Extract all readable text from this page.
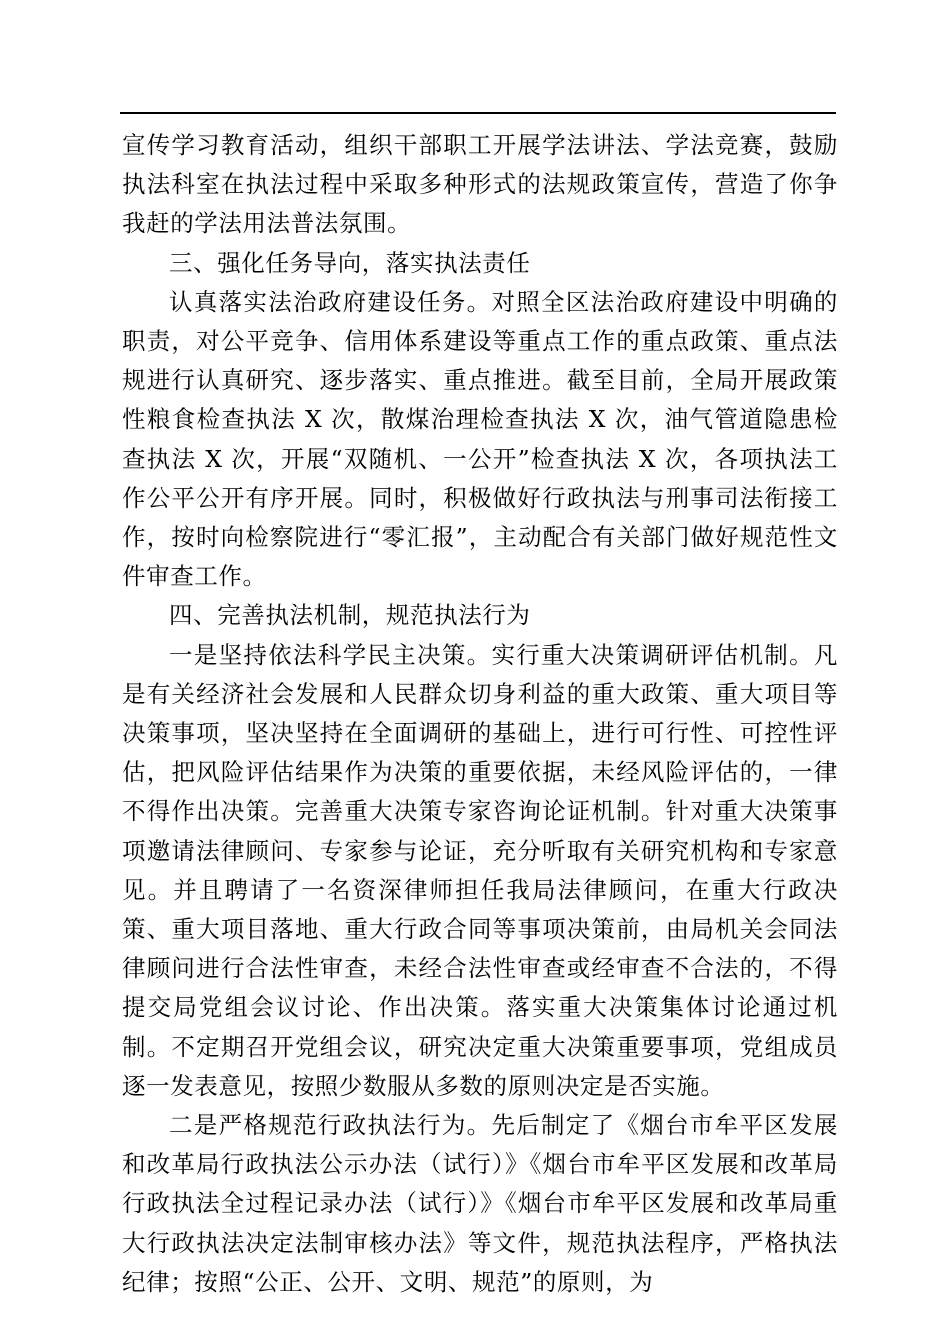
宣传学习教育活动，组织干部职工开展学法讲法、学法竞赛，鼓励执法科室在执法过程中采取多种形式的法规政策宣传，营造了你争我赶的学法用法普法氛围。

三、强化任务导向，落实执法责任

认真落实法治政府建设任务。对照全区法治政府建设中明确的职责，对公平竞争、信用体系建设等重点工作的重点政策、重点法规进行认真研究、逐步落实、重点推进。截至目前，全局开展政策性粮食检查执法 X 次，散煤治理检查执法 X 次，油气管道隐患检查执法 X 次，开展“双随机、一公开”检查执法 X 次，各项执法工作公平公开有序开展。同时，积极做好行政执法与刑事司法衔接工作，按时向检察院进行“零汇报”，主动配合有关部门做好规范性文件审查工作。

四、完善执法机制，规范执法行为

一是坚持依法科学民主决策。实行重大决策调研评估机制。凡是有关经济社会发展和人民群众切身利益的重大政策、重大项目等决策事项，坚决坚持在全面调研的基础上，进行可行性、可控性评估，把风险评估结果作为决策的重要依据，未经风险评估的，一律不得作出决策。完善重大决策专家咨询论证机制。针对重大决策事项邀请法律顾问、专家参与论证，充分听取有关研究机构和专家意见。并且聘请了一名资深律师担任我局法律顾问，在重大行政决策、重大项目落地、重大行政合同等事项决策前，由局机关会同法律顾问进行合法性审查，未经合法性审查或经审查不合法的，不得提交局党组会议讨论、作出决策。落实重大决策集体讨论通过机制。不定期召开党组会议，研究决定重大决策重要事项，党组成员逐一发表意见，按照少数服从多数的原则决定是否实施。

二是严格规范行政执法行为。先后制定了《烟台市牟平区发展和改革局行政执法公示办法（试行）》《烟台市牟平区发展和改革局行政执法全过程记录办法（试行）》《烟台市牟平区发展和改革局重大行政执法决定法制审核办法》等文件，规范执法程序，严格执法纪律；按照“公正、公开、文明、规范”的原则，为
